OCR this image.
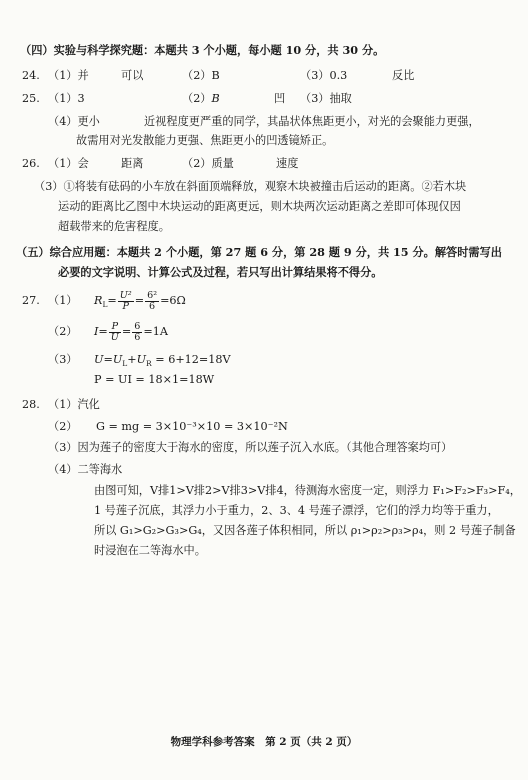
（四）实验与科学探究题：本题共 3 个小题，每小题 10 分，共 30 分。
24. （1）并	可以	（2）B	（3）0.3	反比
25. （1）3	（2）B	凹 （3）抽取
（4）更小	近视程度更严重的同学，其晶状体焦距更小，对光的会聚能力更强，
故需用对光发散能力更强、焦距更小的凹透镜矫正。
26. （1）会	距离	（2）质量	速度
（3）①将装有砝码的小车放在斜面顶端释放，观察木块被撞击后运动的距离。②若木块
运动的距离比乙图中木块运动的距离更远，则木块两次运动距离之差即可体现仅因
超载带来的危害程度。
（五）综合应用题：本题共 2 个小题，第 27 题 6 分，第 28 题 9 分，共 15 分。解答时需写出
必要的文字说明、计算公式及过程，若只写出计算结果将不得分。
27. （1） $R_L= \frac{\text{U²}}{P} = \frac{\text{6²}}{6} =6\Omega$
（2） $I= \frac{P}{U} = \frac{6}{6} =1A$
（3） $U=U_L+U_R = 6+12=18V$
P = UI = 18×1=18W
28. （1）汽化
（2） G = mg = 3×10⁻³×10 = 3×10⁻²N
（3）因为莲子的密度大于海水的密度，所以莲子沉入水底。（其他合理答案均可）
（4）二等海水
由图可知，V排1>V排2>V排3>V排4，待测海水密度一定，则浮力 F₁>F₂>F₃>F₄，
1 号莲子沉底，其浮力小于重力，2、3、4 号莲子漂浮，它们的浮力均等于重力，
所以 G₁>G₂>G₃>G₄，又因各莲子体积相同，所以 ρ₁>ρ₂>ρ₃>ρ₄，则 2 号莲子制备
时浸泡在二等海水中。
物理学科参考答案　第 2 页（共 2 页）
